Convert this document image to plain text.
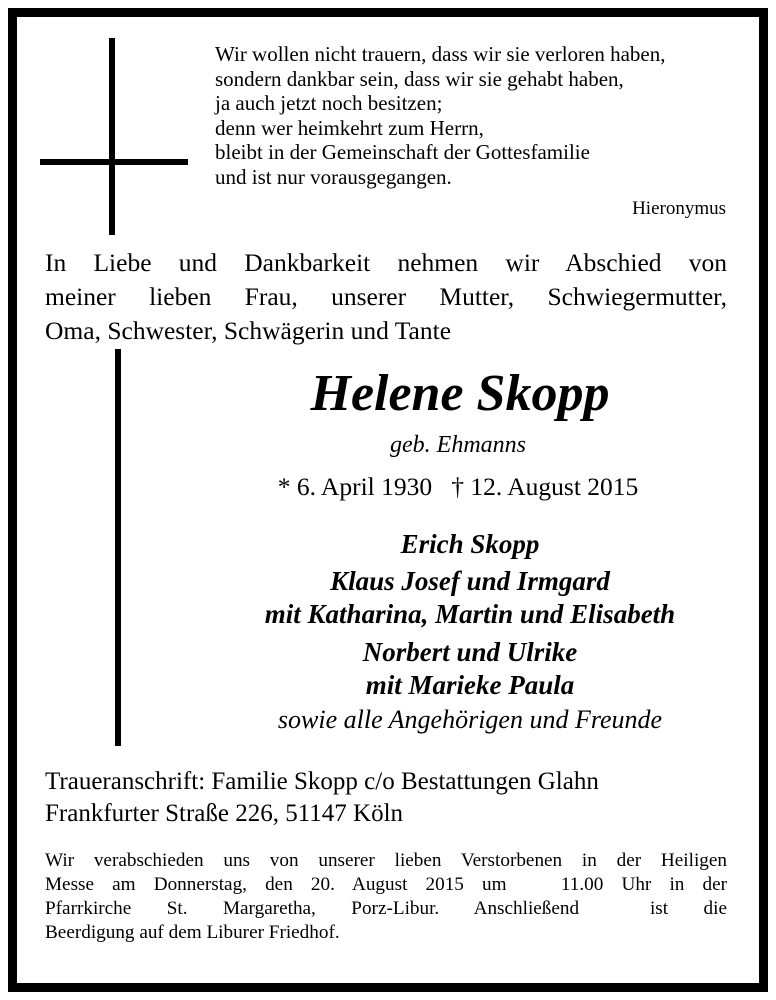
Wir wollen nicht trauern, dass wir sie verloren haben,
sondern dankbar sein, dass wir sie gehabt haben,
ja auch jetzt noch besitzen;
denn wer heimkehrt zum Herrn,
bleibt in der Gemeinschaft der Gottesfamilie
und ist nur vorausgegangen.
Hieronymus
In Liebe und Dankbarkeit nehmen wir Abschied von
meiner lieben Frau, unserer Mutter, Schwiegermutter,
Oma, Schwester, Schwägerin und Tante
Helene Skopp
geb. Ehmanns
* 6. April 1930   † 12. August 2015
Erich Skopp
Klaus Josef und Irmgard
mit Katharina, Martin und Elisabeth
Norbert und Ulrike
mit Marieke Paula
sowie alle Angehörigen und Freunde
Traueranschrift: Familie Skopp c/o Bestattungen Glahn
Frankfurter Straße 226, 51147 Köln
Wir verabschieden uns von unserer lieben Verstorbenen in der Heiligen
Messe am Donnerstag, den 20. August 2015 um   11.00 Uhr in der
Pfarrkirche St. Margaretha, Porz-Libur. Anschließend  ist die
Beerdigung auf dem Liburer Friedhof.
